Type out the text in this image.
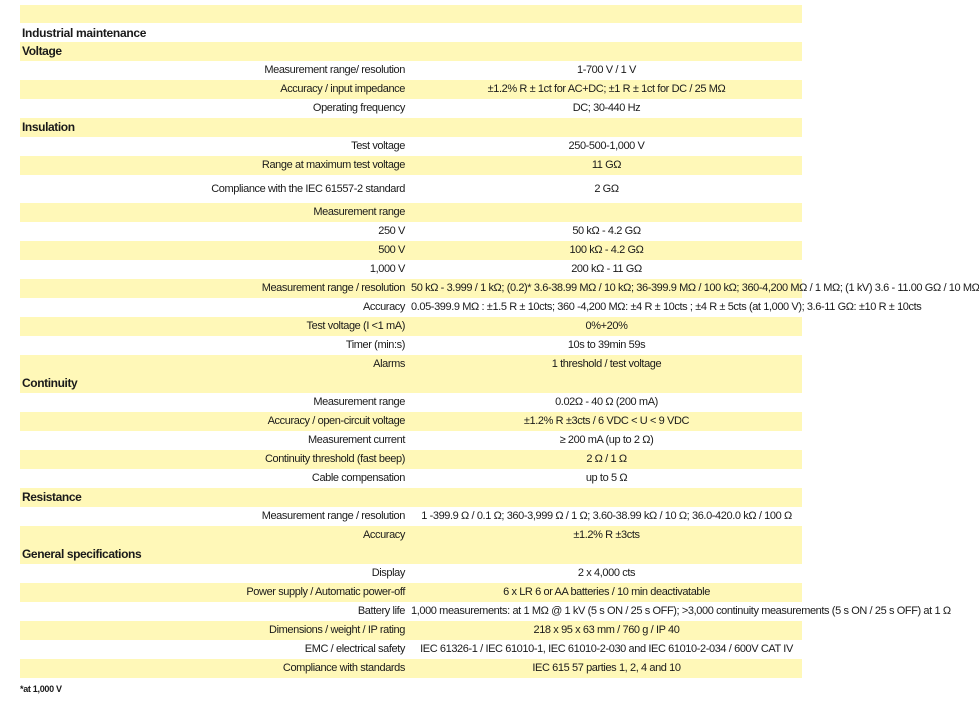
Industrial maintenance
Voltage	
Measurement range/ resolution	1-700 V / 1 V
Accuracy / input impedance	±1.2% R ± 1ct for AC+DC; ±1 R ± 1ct for DC / 25 MΩ
Operating frequency	DC; 30-440 Hz
Insulation	
Test voltage	250-500-1,000 V
Range at maximum test voltage	11 GΩ
Compliance with the IEC 61557-2 standard	2 GΩ
Measurement range	
250 V	50 kΩ - 4.2 GΩ
500 V	100 kΩ - 4.2 GΩ
1,000 V	200 kΩ - 11 GΩ
Measurement range / resolution	50 kΩ - 3.999 / 1 kΩ; (0.2)* 3.6-38.99 MΩ / 10 kΩ; 36-399.9 MΩ / 100 kΩ; 360-4,200 MΩ / 1 MΩ; (1 kV) 3.6 - 11.00 GΩ / 10 MΩ
Accuracy	0.05-399.9 MΩ : ±1.5 R ± 10cts; 360 -4,200 MΩ: ±4 R ± 10cts ; ±4 R ± 5cts (at 1,000 V); 3.6-11 GΩ: ±10 R ± 10cts
Test voltage (I <1 mA)	0%+20%
Timer (min:s)	10s to 39min 59s
Alarms	1 threshold / test voltage
Continuity	
Measurement range	0.02Ω - 40 Ω (200 mA)
Accuracy / open-circuit voltage	±1.2% R ±3cts / 6 VDC < U < 9 VDC
Measurement current	≥ 200 mA (up to 2 Ω)
Continuity threshold (fast beep)	2 Ω / 1 Ω
Cable compensation	up to 5 Ω
Resistance	
Measurement range / resolution	1 -399.9 Ω / 0.1 Ω; 360-3,999 Ω / 1 Ω; 3.60-38.99 kΩ / 10 Ω; 36.0-420.0 kΩ / 100 Ω
Accuracy	±1.2% R ±3cts
General specifications	
Display	2 x 4,000 cts
Power supply / Automatic power-off	6 x LR 6 or AA batteries / 10 min deactivatable
Battery life	1,000 measurements: at 1 MΩ @ 1 kV (5 s ON / 25 s OFF); >3,000 continuity measurements (5 s ON / 25 s OFF) at 1 Ω
Dimensions / weight / IP rating	218 x 95 x 63 mm / 760 g / IP 40
EMC / electrical safety	IEC 61326-1 / IEC 61010-1, IEC 61010-2-030 and IEC 61010-2-034 / 600V CAT IV
Compliance with standards	IEC 615 57 parties 1, 2, 4 and 10
*at 1,000 V
